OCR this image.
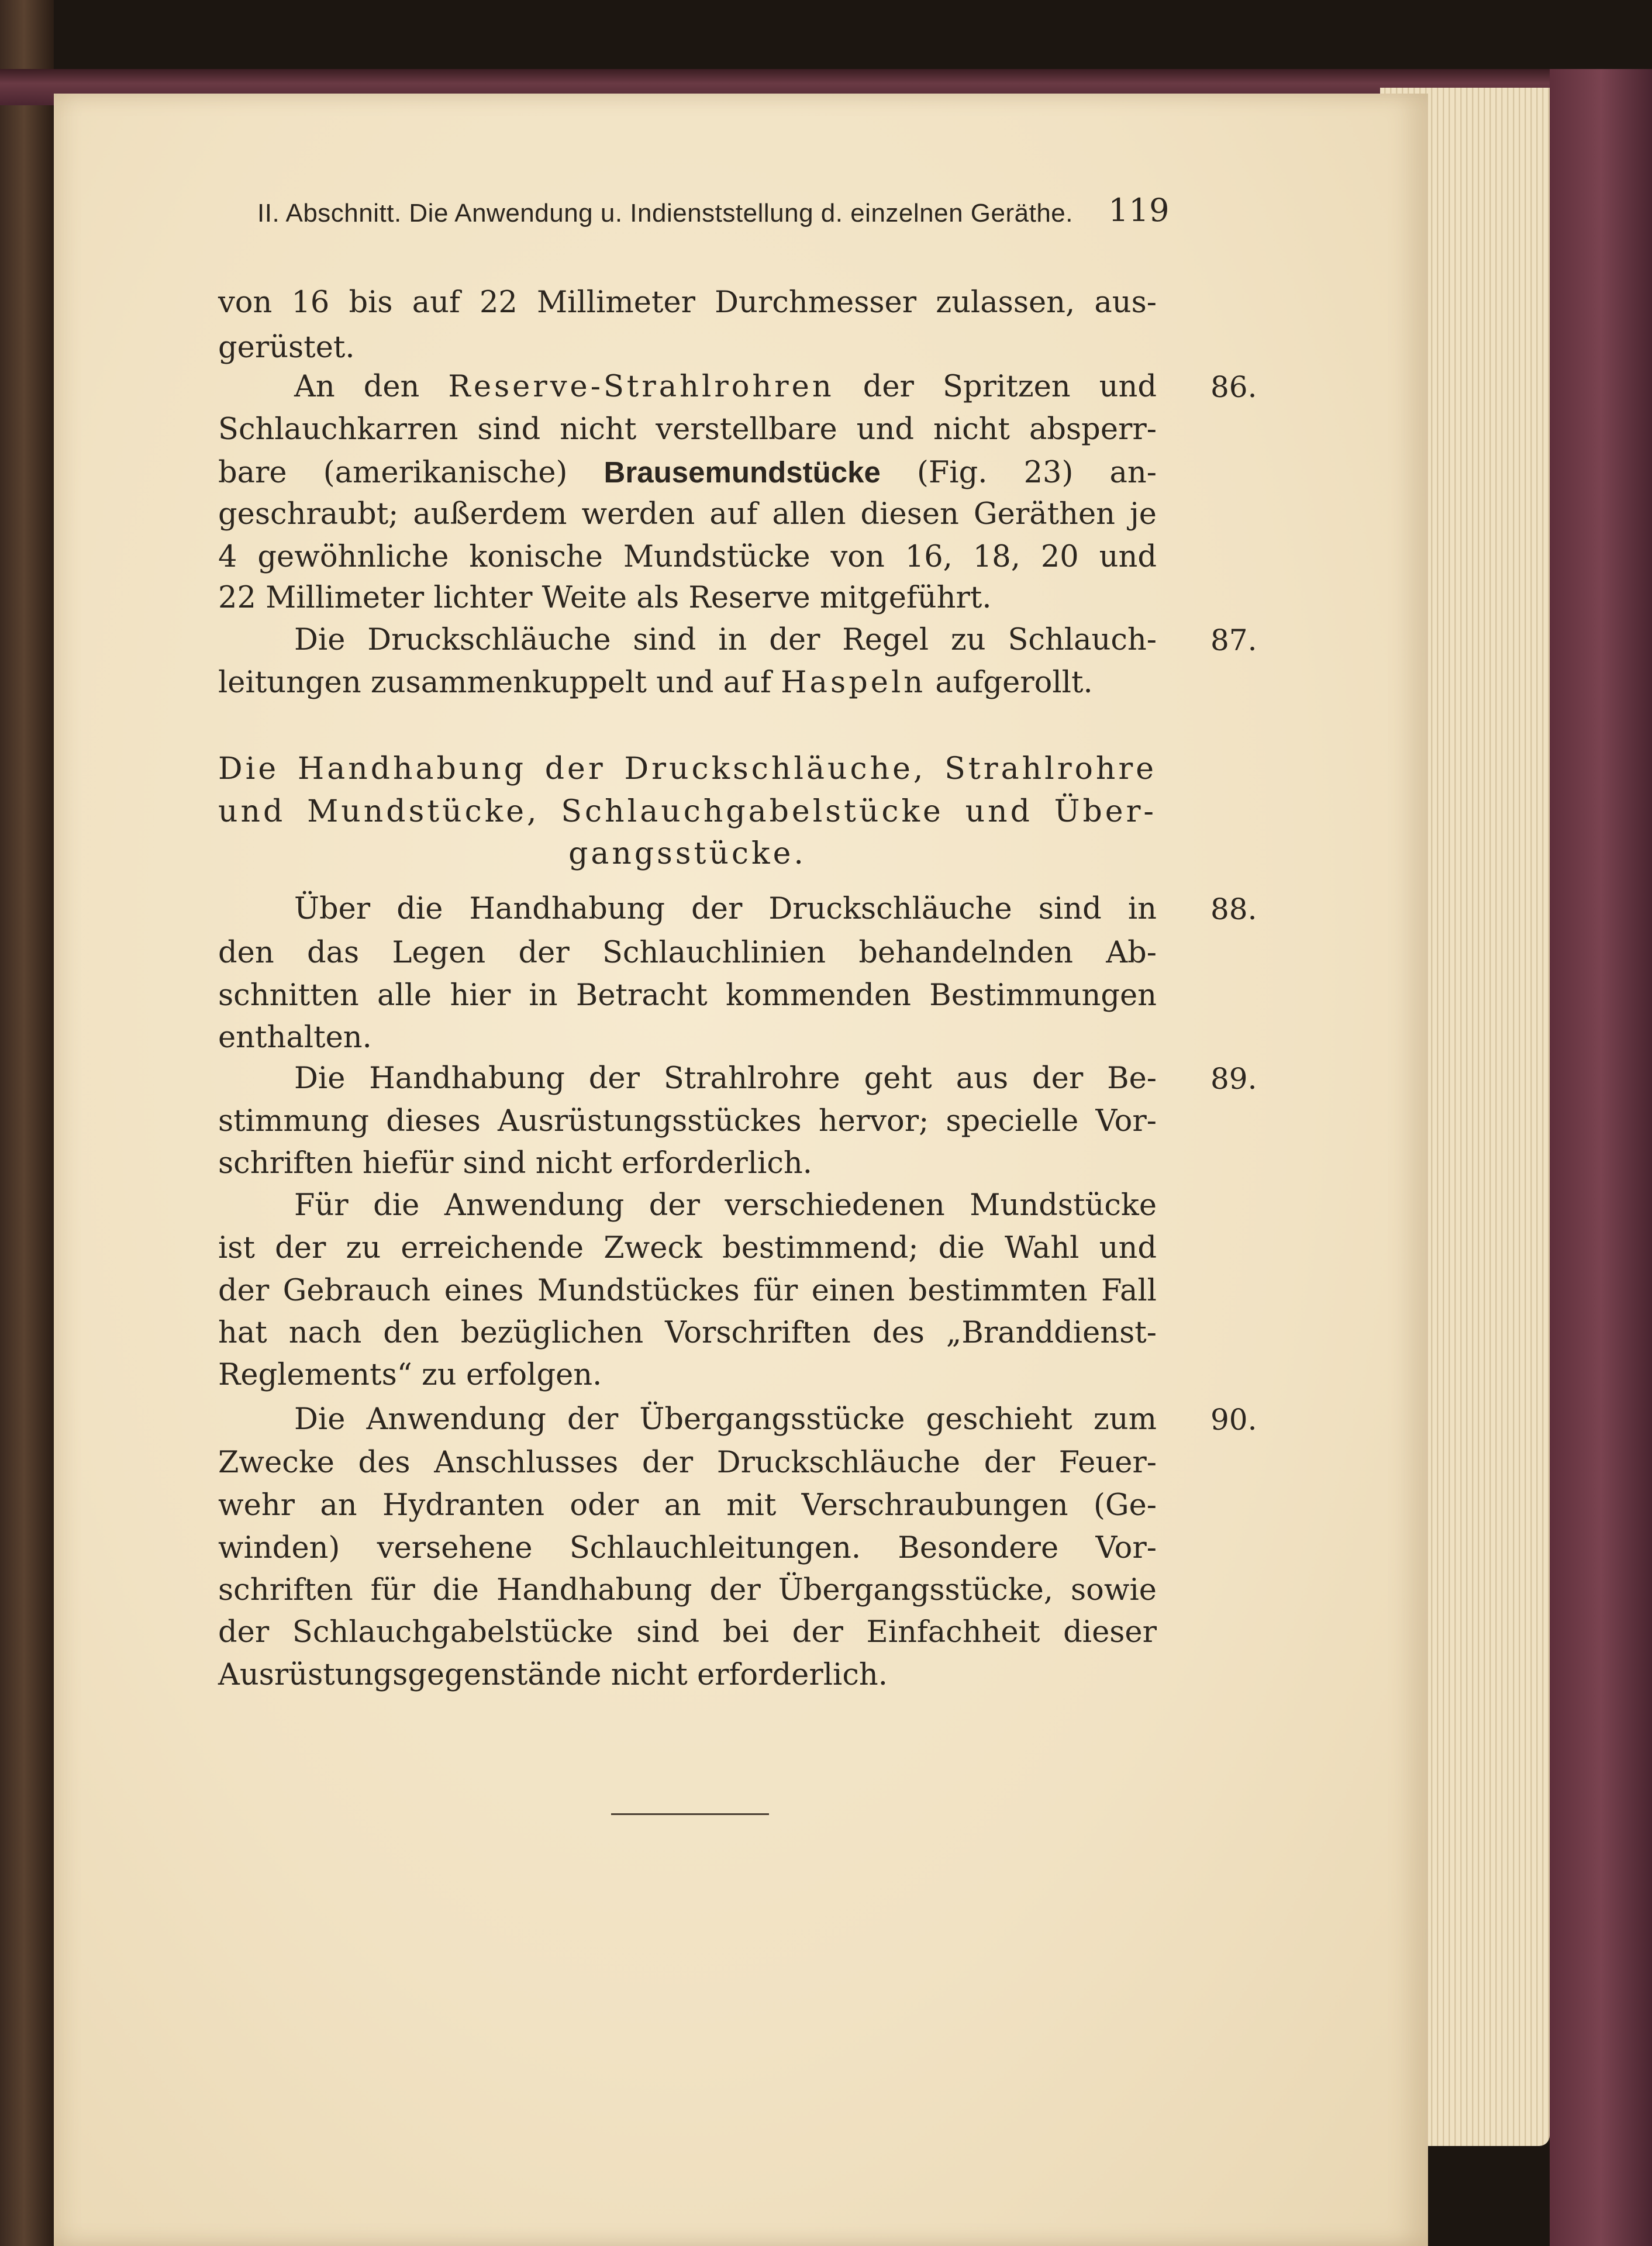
II. Abschnitt. Die Anwendung u. Indienststellung d. einzelnen Geräthe. 119
von 16 bis auf 22 Millimeter Durchmesser zulassen, aus-
gerüstet.
An den Reserve-Strahlrohren der Spritzen und 86.
Schlauchkarren sind nicht verstellbare und nicht absperr-
bare (amerikanische) Brausemundstücke (Fig. 23) an-
geschraubt; außerdem werden auf allen diesen Geräthen je
4 gewöhnliche konische Mundstücke von 16, 18, 20 und
22 Millimeter lichter Weite als Reserve mitgeführt.
Die Druckschläuche sind in der Regel zu Schlauch- 87.
leitungen zusammenkuppelt und auf Haspeln aufgerollt.
Die Handhabung der Druckschläuche, Strahlrohre
und Mundstücke, Schlauchgabelstücke und Über-
gangsstücke.
Über die Handhabung der Druckschläuche sind in 88.
den das Legen der Schlauchlinien behandelnden Ab-
schnitten alle hier in Betracht kommenden Bestimmungen
enthalten.
Die Handhabung der Strahlrohre geht aus der Be- 89.
stimmung dieses Ausrüstungsstückes hervor; specielle Vor-
schriften hiefür sind nicht erforderlich.
Für die Anwendung der verschiedenen Mundstücke
ist der zu erreichende Zweck bestimmend; die Wahl und
der Gebrauch eines Mundstückes für einen bestimmten Fall
hat nach den bezüglichen Vorschriften des „Branddienst-
Reglements“ zu erfolgen.
Die Anwendung der Übergangsstücke geschieht zum 90.
Zwecke des Anschlusses der Druckschläuche der Feuer-
wehr an Hydranten oder an mit Verschraubungen (Ge-
winden) versehene Schlauchleitungen. Besondere Vor-
schriften für die Handhabung der Übergangsstücke, sowie
der Schlauchgabelstücke sind bei der Einfachheit dieser
Ausrüstungsgegenstände nicht erforderlich.
